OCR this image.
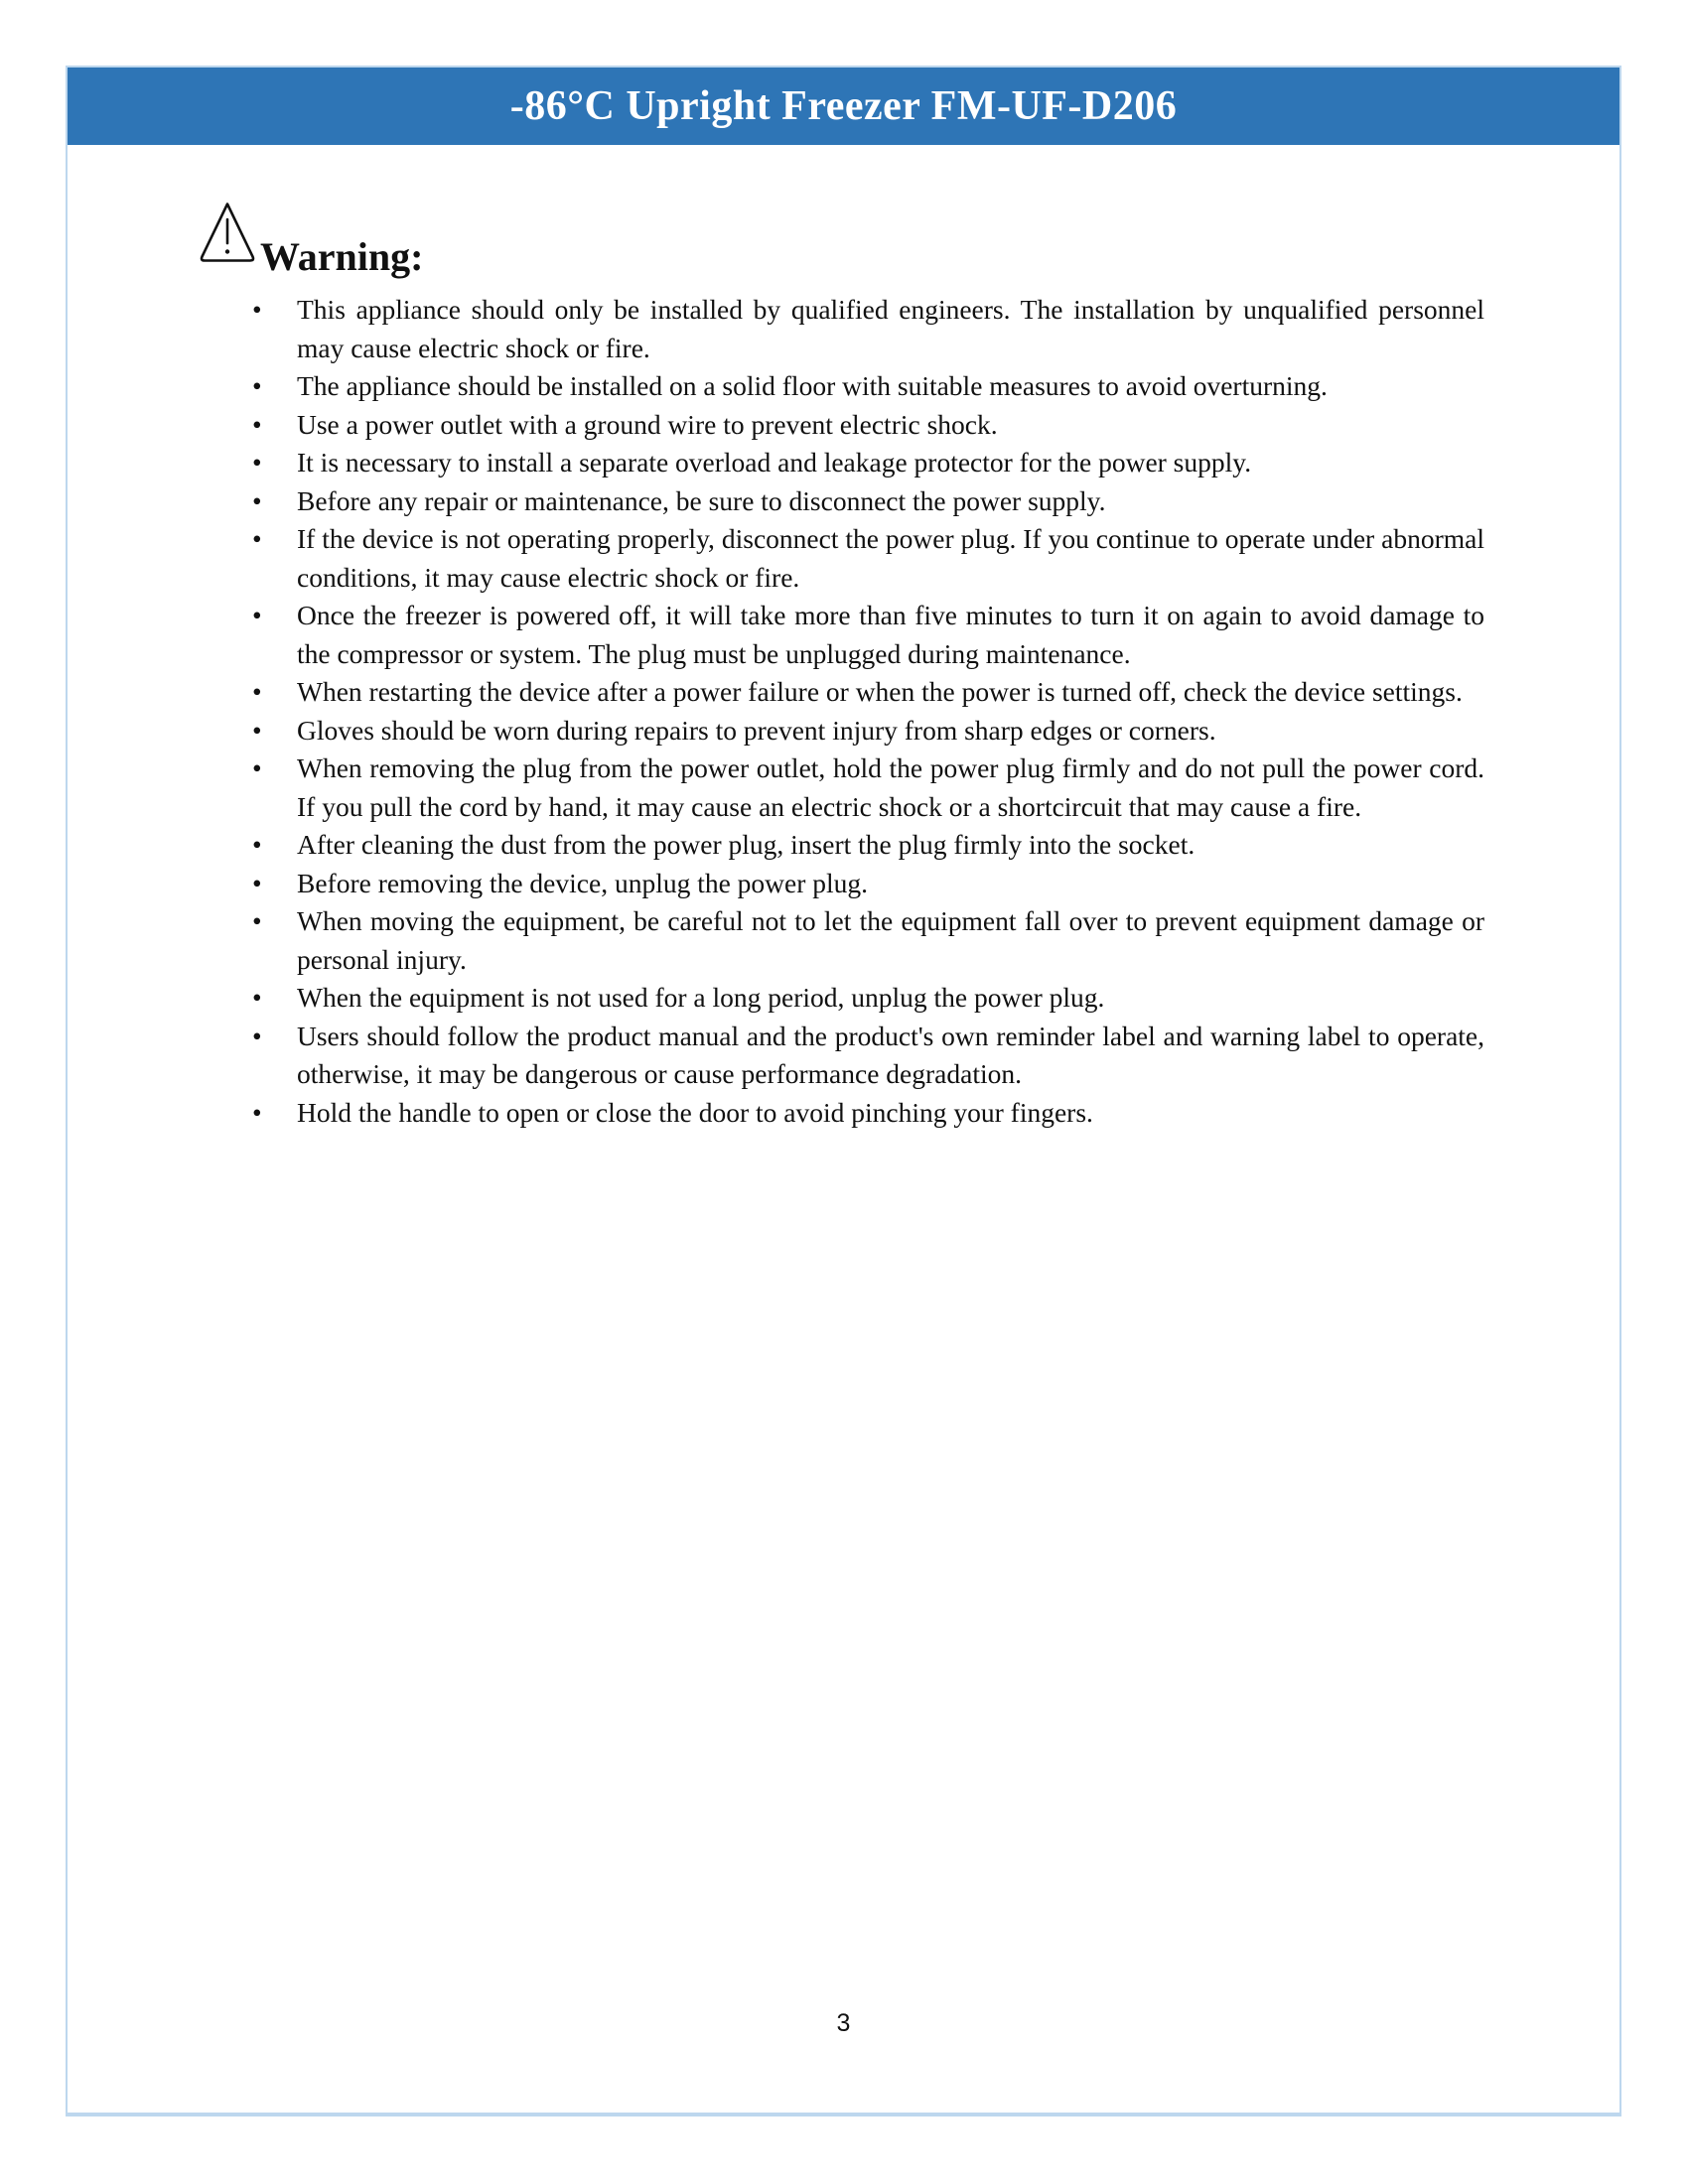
-86°C Upright Freezer FM-UF-D206
Warning:
• This appliance should only be installed by qualified engineers. The installation by unqualified personnel may cause electric shock or fire.
• The appliance should be installed on a solid floor with suitable measures to avoid overturning.
• Use a power outlet with a ground wire to prevent electric shock.
• It is necessary to install a separate overload and leakage protector for the power supply.
• Before any repair or maintenance, be sure to disconnect the power supply.
• If the device is not operating properly, disconnect the power plug. If you continue to operate under abnormal conditions, it may cause electric shock or fire.
• Once the freezer is powered off, it will take more than five minutes to turn it on again to avoid damage to the compressor or system. The plug must be unplugged during maintenance.
• When restarting the device after a power failure or when the power is turned off, check the device settings.
• Gloves should be worn during repairs to prevent injury from sharp edges or corners.
• When removing the plug from the power outlet, hold the power plug firmly and do not pull the power cord. If you pull the cord by hand, it may cause an electric shock or a shortcircuit that may cause a fire.
• After cleaning the dust from the power plug, insert the plug firmly into the socket.
• Before removing the device, unplug the power plug.
• When moving the equipment, be careful not to let the equipment fall over to prevent equipment damage or personal injury.
• When the equipment is not used for a long period, unplug the power plug.
• Users should follow the product manual and the product's own reminder label and warning label to operate, otherwise, it may be dangerous or cause performance degradation.
• Hold the handle to open or close the door to avoid pinching your fingers.
3
